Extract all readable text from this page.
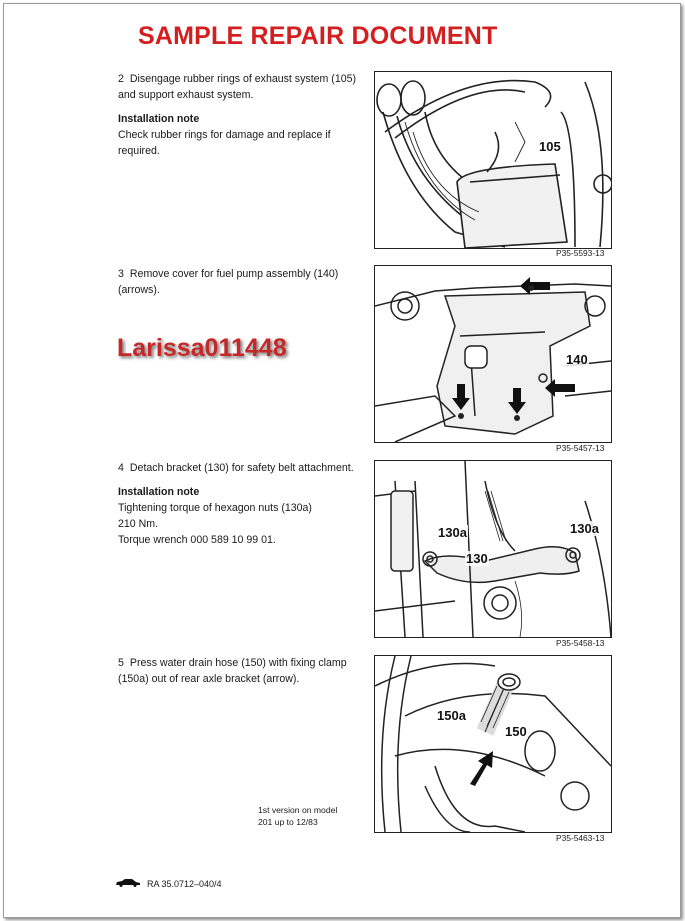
SAMPLE REPAIR DOCUMENT
2 Disengage rubber rings of exhaust system (105) and support exhaust system.
Installation note
Check rubber rings for damage and replace if required.	105
P35-5593-13
3 Remove cover for fuel pump assembly (140) (arrows).
Larissa011448	140
P35-5457-13
4 Detach bracket (130) for safety belt attachment.
Installation note
Tightening torque of hexagon nuts (130a)
210 Nm.
Torque wrench 000 589 10 99 01.	130a
130
130a
P35-5458-13
5 Press water drain hose (150) with fixing clamp (150a) out of rear axle bracket (arrow).
150a
150
P35-5463-13
1st version on model
201 up to 12/83
RA 35.0712–040/4
